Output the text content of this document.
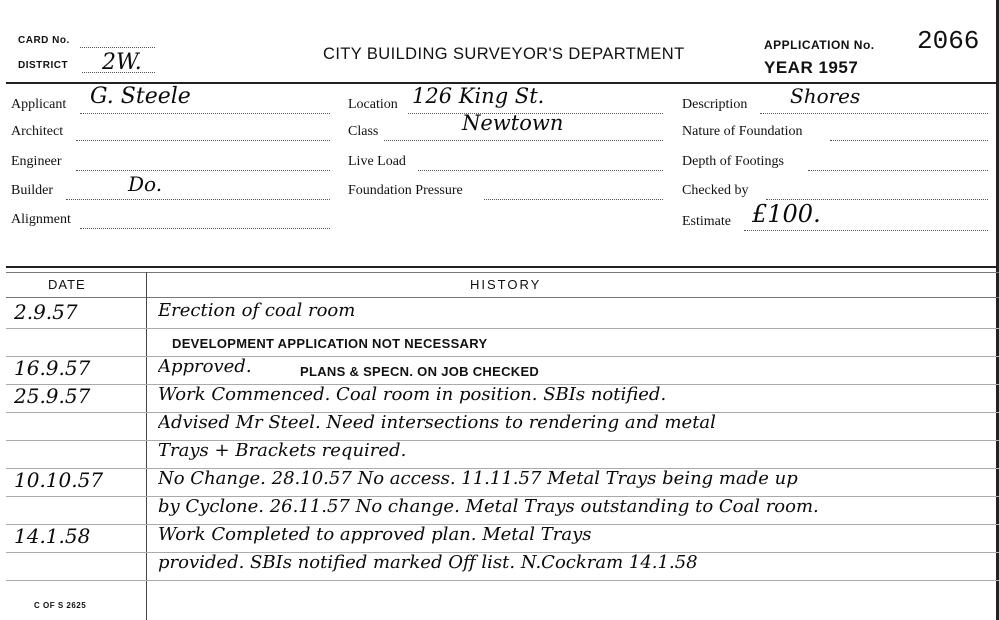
CARD No.
DISTRICT 2W.	CITY BUILDING SURVEYOR'S DEPARTMENT	APPLICATION No. 2066
YEAR 1957
Applicant G. Steele
Architect
Engineer
Builder	Do.
Alignment
Location 126 King St.
Class	Newtown
Live Load
Foundation Pressure
Description Shores
Nature of Foundation
Depth of Footings
Checked by
Estimate £100.
DATE	HISTORY
2.9.57	Erection of coal room
DEVELOPMENT APPLICATION NOT NECESSARY
16.9.57	Approved.	PLANS & SPECN. ON JOB CHECKED
25.9.57	Work Commenced. Coal room in position. SBIs notified.
Advised Mr Steel. Need intersections to rendering and metal
Trays + Brackets required.
10.10.57	No Change. 28.10.57 No access. 11.11.57 Metal Trays being made up
by Cyclone. 26.11.57 No change. Metal Trays outstanding to Coal room.
14.1.58	Work Completed to approved plan. Metal Trays
provided. SBIs notified marked Off list. N.Cockram 14.1.58
C OF S 2625
